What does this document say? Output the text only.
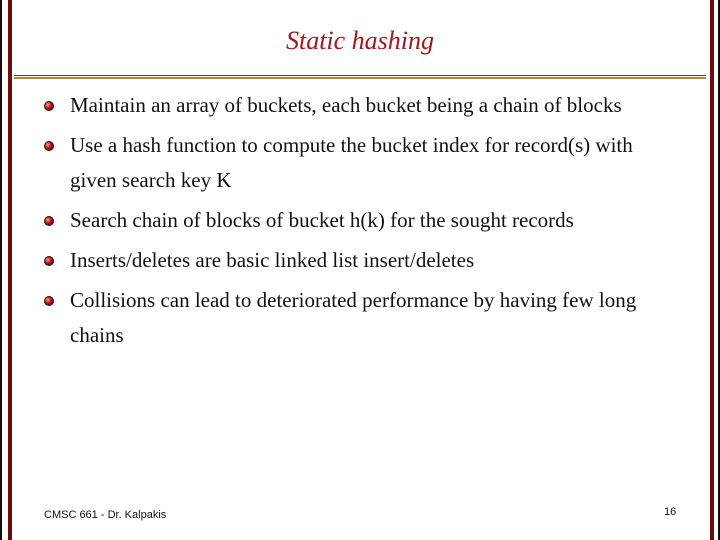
Static hashing
Maintain an array of buckets, each bucket being a chain of blocks
Use a hash function to compute the bucket index for record(s) with given search key K
Search chain of blocks of bucket h(k) for the sought records
Inserts/deletes are basic linked list insert/deletes
Collisions can lead to deteriorated performance by having few long chains
CMSC 661 - Dr. Kalpakis	16
